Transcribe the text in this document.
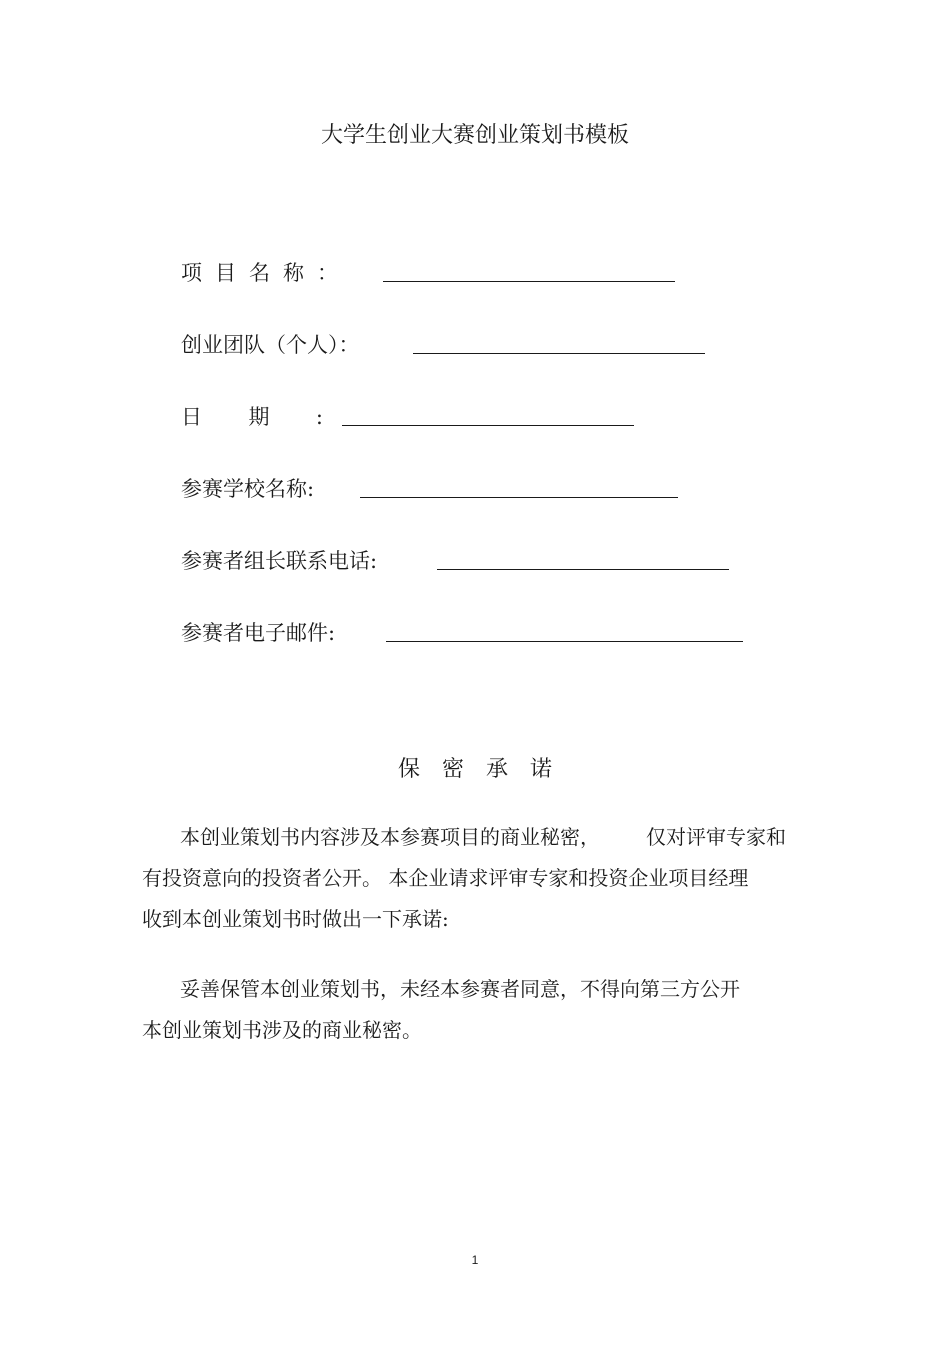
大学生创业大赛创业策划书模板
项目名称：
创业团队（个人）：
日期:
参赛学校名称:
参赛者组长联系电话:
参赛者电子邮件:
保密承诺

本创业策划书内容涉及本参赛项目的商业秘密， 仅对评审专家和

有投资意向的投资者公开。 本企业请求评审专家和投资企业项目经理

收到本创业策划书时做出一下承诺:

妥善保管本创业策划书，未经本参赛者同意，不得向第三方公开

本创业策划书涉及的商业秘密。

1
